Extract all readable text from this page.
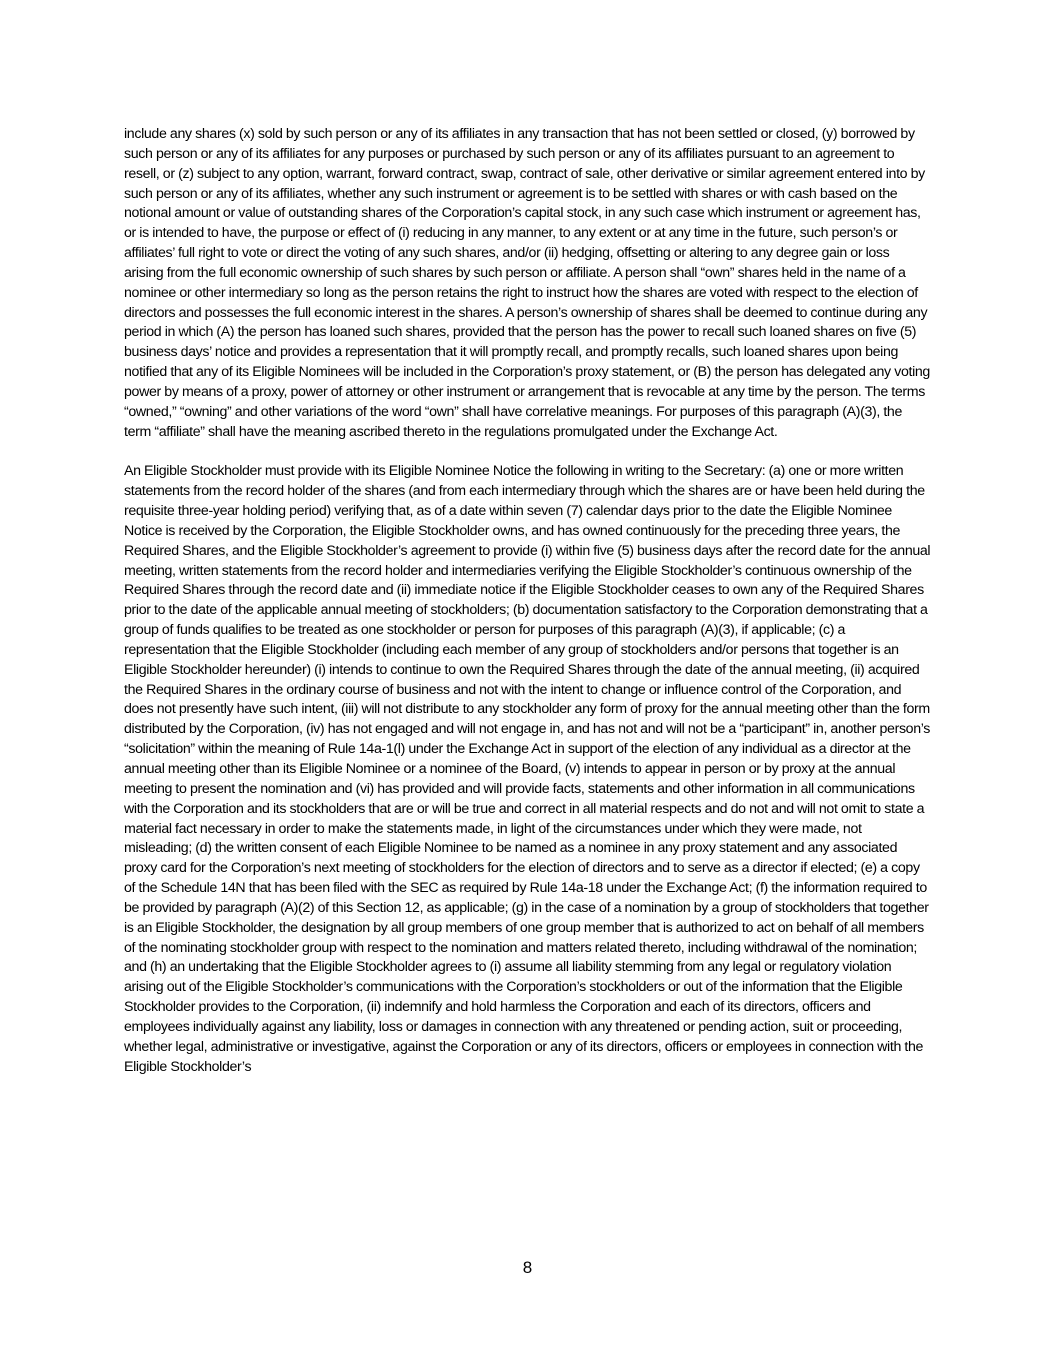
include any shares (x) sold by such person or any of its affiliates in any transaction that has not been settled or closed, (y) borrowed by such person or any of its affiliates for any purposes or purchased by such person or any of its affiliates pursuant to an agreement to resell, or (z) subject to any option, warrant, forward contract, swap, contract of sale, other derivative or similar agreement entered into by such person or any of its affiliates, whether any such instrument or agreement is to be settled with shares or with cash based on the notional amount or value of outstanding shares of the Corporation’s capital stock, in any such case which instrument or agreement has, or is intended to have, the purpose or effect of (i) reducing in any manner, to any extent or at any time in the future, such person’s or affiliates’ full right to vote or direct the voting of any such shares, and/or (ii) hedging, offsetting or altering to any degree gain or loss arising from the full economic ownership of such shares by such person or affiliate. A person shall “own” shares held in the name of a nominee or other intermediary so long as the person retains the right to instruct how the shares are voted with respect to the election of directors and possesses the full economic interest in the shares. A person’s ownership of shares shall be deemed to continue during any period in which (A) the person has loaned such shares, provided that the person has the power to recall such loaned shares on five (5) business days’ notice and provides a representation that it will promptly recall, and promptly recalls, such loaned shares upon being notified that any of its Eligible Nominees will be included in the Corporation’s proxy statement, or (B) the person has delegated any voting power by means of a proxy, power of attorney or other instrument or arrangement that is revocable at any time by the person. The terms “owned,” “owning” and other variations of the word “own” shall have correlative meanings. For purposes of this paragraph (A)(3), the term “affiliate” shall have the meaning ascribed thereto in the regulations promulgated under the Exchange Act.

An Eligible Stockholder must provide with its Eligible Nominee Notice the following in writing to the Secretary: (a) one or more written statements from the record holder of the shares (and from each intermediary through which the shares are or have been held during the requisite three-year holding period) verifying that, as of a date within seven (7) calendar days prior to the date the Eligible Nominee Notice is received by the Corporation, the Eligible Stockholder owns, and has owned continuously for the preceding three years, the Required Shares, and the Eligible Stockholder’s agreement to provide (i) within five (5) business days after the record date for the annual meeting, written statements from the record holder and intermediaries verifying the Eligible Stockholder’s continuous ownership of the Required Shares through the record date and (ii) immediate notice if the Eligible Stockholder ceases to own any of the Required Shares prior to the date of the applicable annual meeting of stockholders; (b) documentation satisfactory to the Corporation demonstrating that a group of funds qualifies to be treated as one stockholder or person for purposes of this paragraph (A)(3), if applicable; (c) a representation that the Eligible Stockholder (including each member of any group of stockholders and/or persons that together is an Eligible Stockholder hereunder) (i) intends to continue to own the Required Shares through the date of the annual meeting, (ii) acquired the Required Shares in the ordinary course of business and not with the intent to change or influence control of the Corporation, and does not presently have such intent, (iii) will not distribute to any stockholder any form of proxy for the annual meeting other than the form distributed by the Corporation, (iv) has not engaged and will not engage in, and has not and will not be a “participant” in, another person’s “solicitation” within the meaning of Rule 14a-1(l) under the Exchange Act in support of the election of any individual as a director at the annual meeting other than its Eligible Nominee or a nominee of the Board, (v) intends to appear in person or by proxy at the annual meeting to present the nomination and (vi) has provided and will provide facts, statements and other information in all communications with the Corporation and its stockholders that are or will be true and correct in all material respects and do not and will not omit to state a material fact necessary in order to make the statements made, in light of the circumstances under which they were made, not misleading; (d) the written consent of each Eligible Nominee to be named as a nominee in any proxy statement and any associated proxy card for the Corporation’s next meeting of stockholders for the election of directors and to serve as a director if elected; (e) a copy of the Schedule 14N that has been filed with the SEC as required by Rule 14a-18 under the Exchange Act; (f) the information required to be provided by paragraph (A)(2) of this Section 12, as applicable; (g) in the case of a nomination by a group of stockholders that together is an Eligible Stockholder, the designation by all group members of one group member that is authorized to act on behalf of all members of the nominating stockholder group with respect to the nomination and matters related thereto, including withdrawal of the nomination; and (h) an undertaking that the Eligible Stockholder agrees to (i) assume all liability stemming from any legal or regulatory violation arising out of the Eligible Stockholder’s communications with the Corporation’s stockholders or out of the information that the Eligible Stockholder provides to the Corporation, (ii) indemnify and hold harmless the Corporation and each of its directors, officers and employees individually against any liability, loss or damages in connection with any threatened or pending action, suit or proceeding, whether legal, administrative or investigative, against the Corporation or any of its directors, officers or employees in connection with the Eligible Stockholder’s

8
